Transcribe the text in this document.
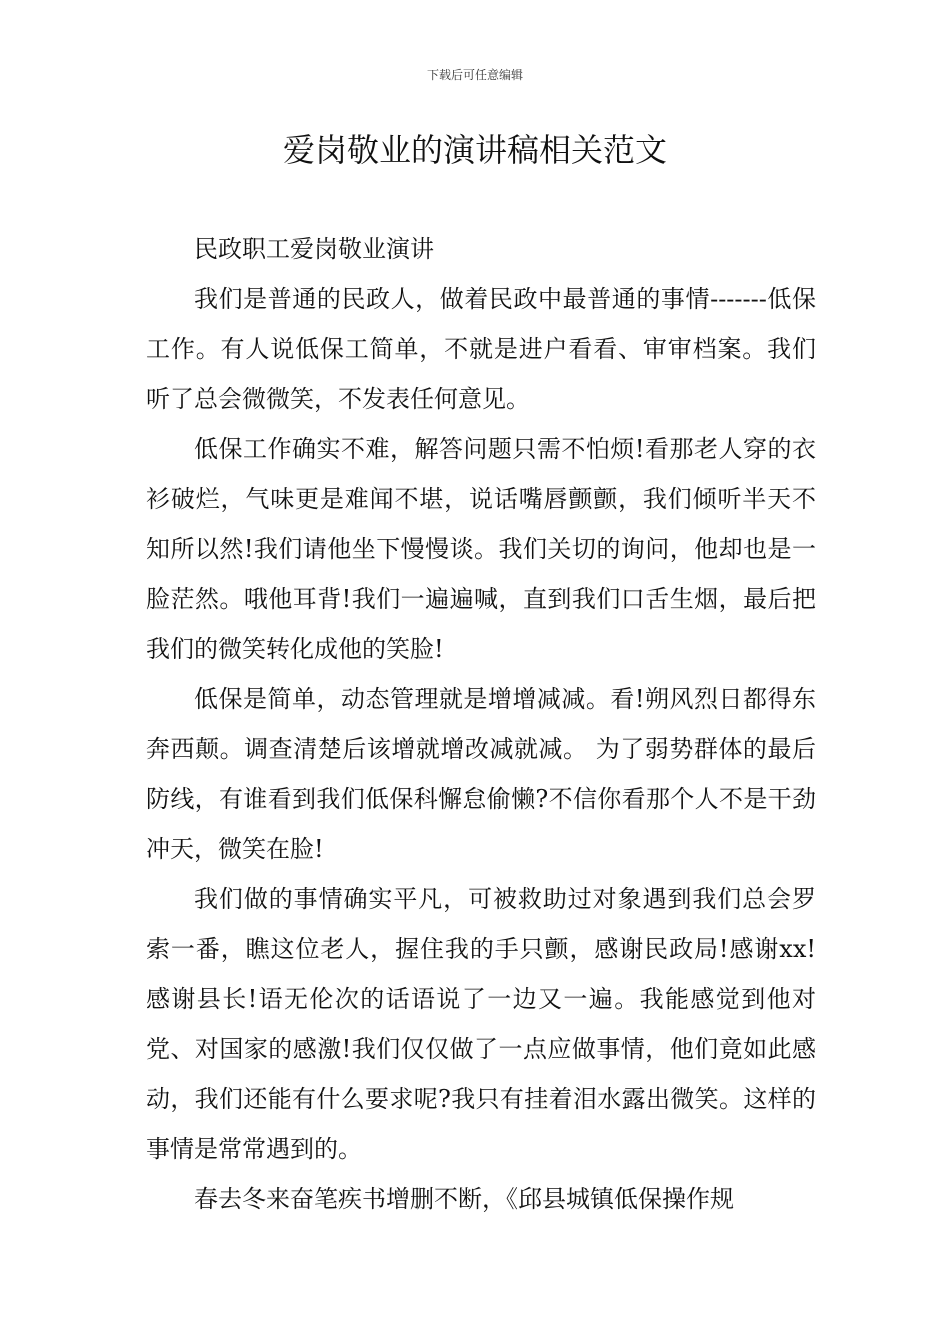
下载后可任意编辑
爱岗敬业的演讲稿相关范文

民政职工爱岗敬业演讲

我们是普通的民政人，做着民政中最普通的事情-------低保工作。有人说低保工简单，不就是进户看看、审审档案。我们听了总会微微笑，不发表任何意见。

低保工作确实不难，解答问题只需不怕烦!看那老人穿的衣衫破烂，气味更是难闻不堪，说话嘴唇颤颤，我们倾听半天不知所以然!我们请他坐下慢慢谈。我们关切的询问，他却也是一脸茫然。哦他耳背!我们一遍遍喊，直到我们口舌生烟，最后把我们的微笑转化成他的笑脸!

低保是简单，动态管理就是增增减减。看!朔风烈日都得东奔西颠。调查清楚后该增就增改减就减。 为了弱势群体的最后防线，有谁看到我们低保科懈怠偷懒?不信你看那个人不是干劲冲天，微笑在脸!

我们做的事情确实平凡，可被救助过对象遇到我们总会罗索一番，瞧这位老人，握住我的手只颤，感谢民政局!感谢xx!感谢县长!语无伦次的话语说了一边又一遍。我能感觉到他对党、对国家的感激!我们仅仅做了一点应做事情，他们竟如此感动，我们还能有什么要求呢?我只有挂着泪水露出微笑。这样的事情是常常遇到的。

春去冬来奋笔疾书增删不断，《邱县城镇低保操作规
